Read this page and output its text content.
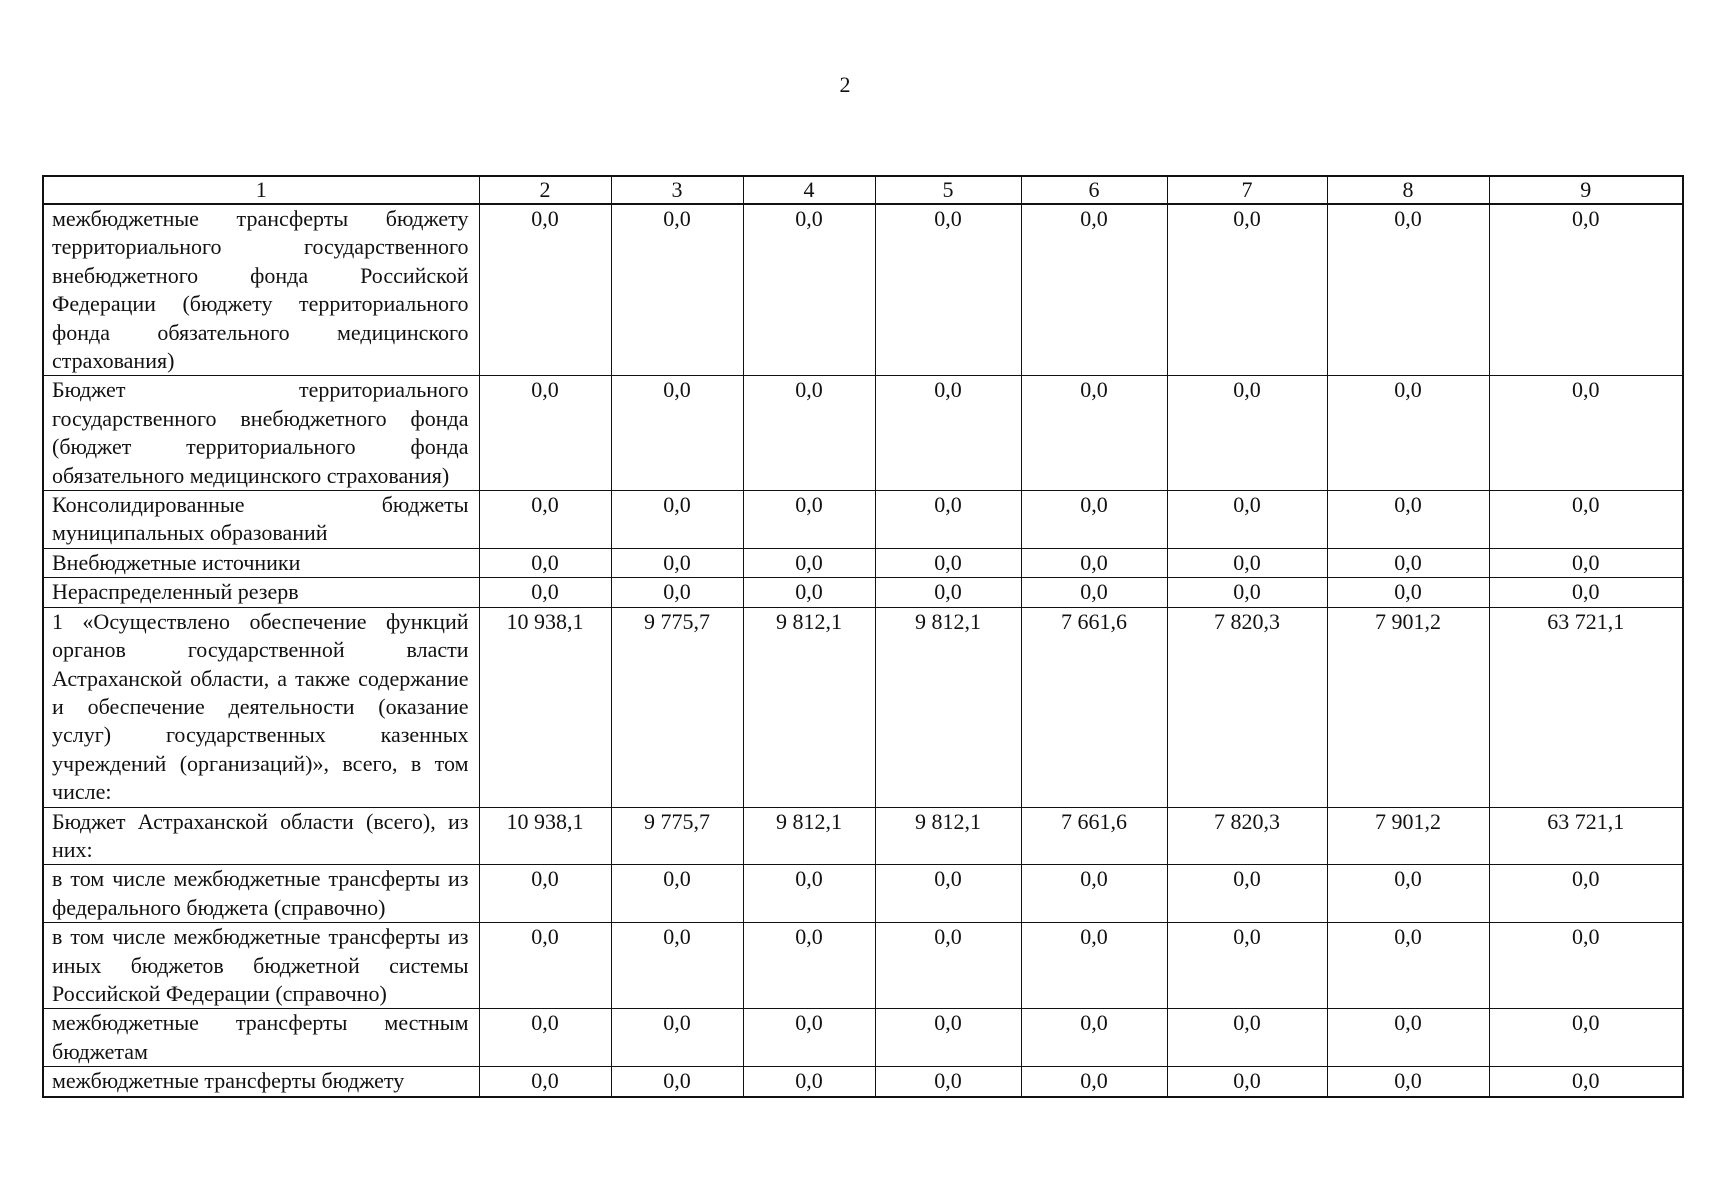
2
1	2	3	4	5	6	7	8	9
межбюджетные трансферты бюджету территориального государственного внебюджетного фонда Российской Федерации (бюджету территориального фонда обязательного медицинского страхования)	0,0	0,0	0,0	0,0	0,0	0,0	0,0	0,0
Бюджет территориального государственного внебюджетного фонда (бюджет территориального фонда обязательного медицинского страхования)	0,0	0,0	0,0	0,0	0,0	0,0	0,0	0,0
Консолидированные бюджеты муниципальных образований	0,0	0,0	0,0	0,0	0,0	0,0	0,0	0,0
Внебюджетные источники	0,0	0,0	0,0	0,0	0,0	0,0	0,0	0,0
Нераспределенный резерв	0,0	0,0	0,0	0,0	0,0	0,0	0,0	0,0
1 «Осуществлено обеспечение функций органов государственной власти Астраханской области, а также содержание и обеспечение деятельности (оказание услуг) государственных казенных учреждений (организаций)», всего, в том числе:	10 938,1	9 775,7	9 812,1	9 812,1	7 661,6	7 820,3	7 901,2	63 721,1
Бюджет Астраханской области (всего), из них:	10 938,1	9 775,7	9 812,1	9 812,1	7 661,6	7 820,3	7 901,2	63 721,1
в том числе межбюджетные трансферты из федерального бюджета (справочно)	0,0	0,0	0,0	0,0	0,0	0,0	0,0	0,0
в том числе межбюджетные трансферты из иных бюджетов бюджетной системы Российской Федерации (справочно)	0,0	0,0	0,0	0,0	0,0	0,0	0,0	0,0
межбюджетные трансферты местным бюджетам	0,0	0,0	0,0	0,0	0,0	0,0	0,0	0,0
межбюджетные трансферты бюджету	0,0	0,0	0,0	0,0	0,0	0,0	0,0	0,0
